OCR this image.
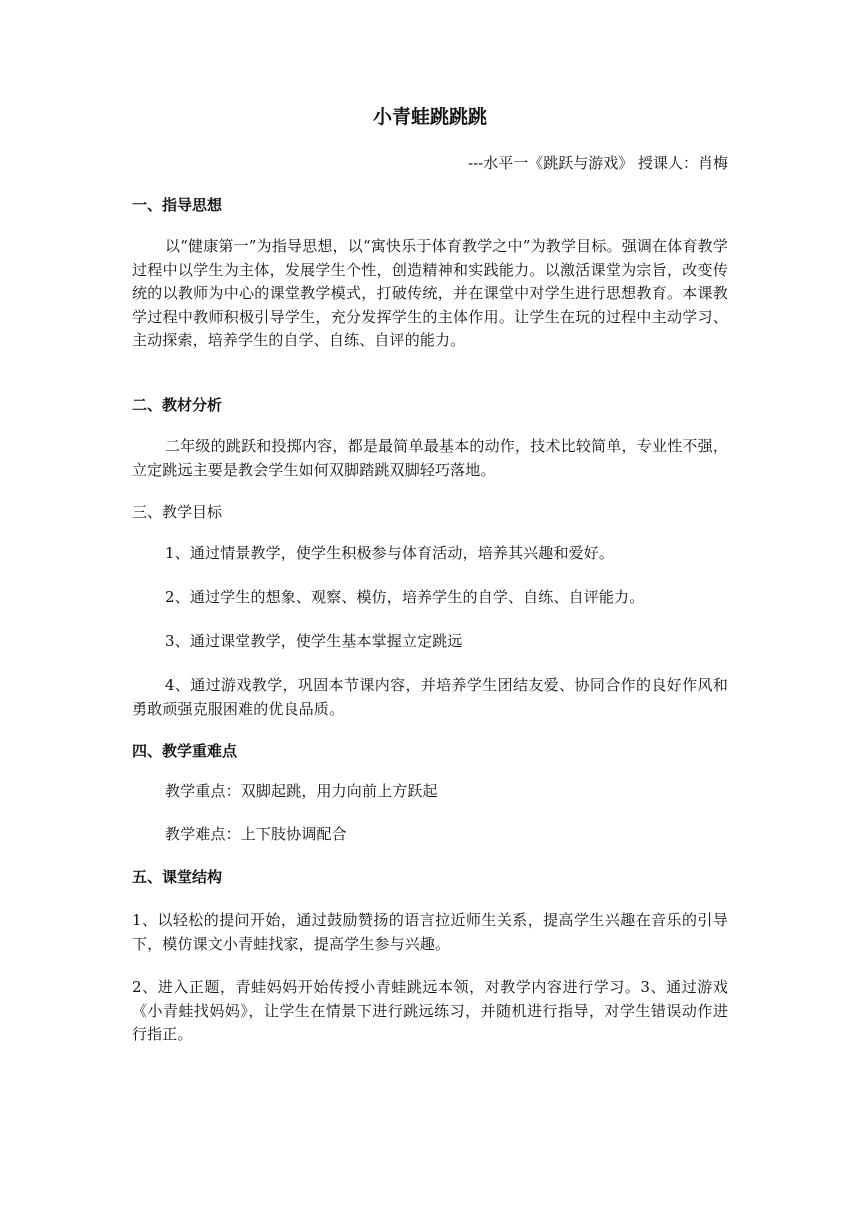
小青蛙跳跳跳
---水平一《跳跃与游戏》 授课人：肖梅
一、指导思想
以“健康第一”为指导思想，以“寓快乐于体育教学之中”为教学目标。强调在体育教学过程中以学生为主体，发展学生个性，创造精神和实践能力。以激活课堂为宗旨，改变传统的以教师为中心的课堂教学模式，打破传统，并在课堂中对学生进行思想教育。本课教学过程中教师积极引导学生，充分发挥学生的主体作用。让学生在玩的过程中主动学习、主动探索，培养学生的自学、自练、自评的能力。
二、教材分析
二年级的跳跃和投掷内容，都是最简单最基本的动作，技术比较简单，专业性不强，立定跳远主要是教会学生如何双脚踏跳双脚轻巧落地。
三、教学目标
1、通过情景教学，使学生积极参与体育活动，培养其兴趣和爱好。
2、通过学生的想象、观察、模仿，培养学生的自学、自练、自评能力。
3、通过课堂教学，使学生基本掌握立定跳远
4、通过游戏教学，巩固本节课内容，并培养学生团结友爱、协同合作的良好作风和勇敢顽强克服困难的优良品质。
四、教学重难点
教学重点：双脚起跳，用力向前上方跃起
教学难点：上下肢协调配合
五、课堂结构
1、以轻松的提问开始，通过鼓励赞扬的语言拉近师生关系，提高学生兴趣在音乐的引导下，模仿课文小青蛙找家，提高学生参与兴趣。
2、进入正题，青蛙妈妈开始传授小青蛙跳远本领，对教学内容进行学习。3、通过游戏《小青蛙找妈妈》，让学生在情景下进行跳远练习，并随机进行指导，对学生错误动作进行指正。
